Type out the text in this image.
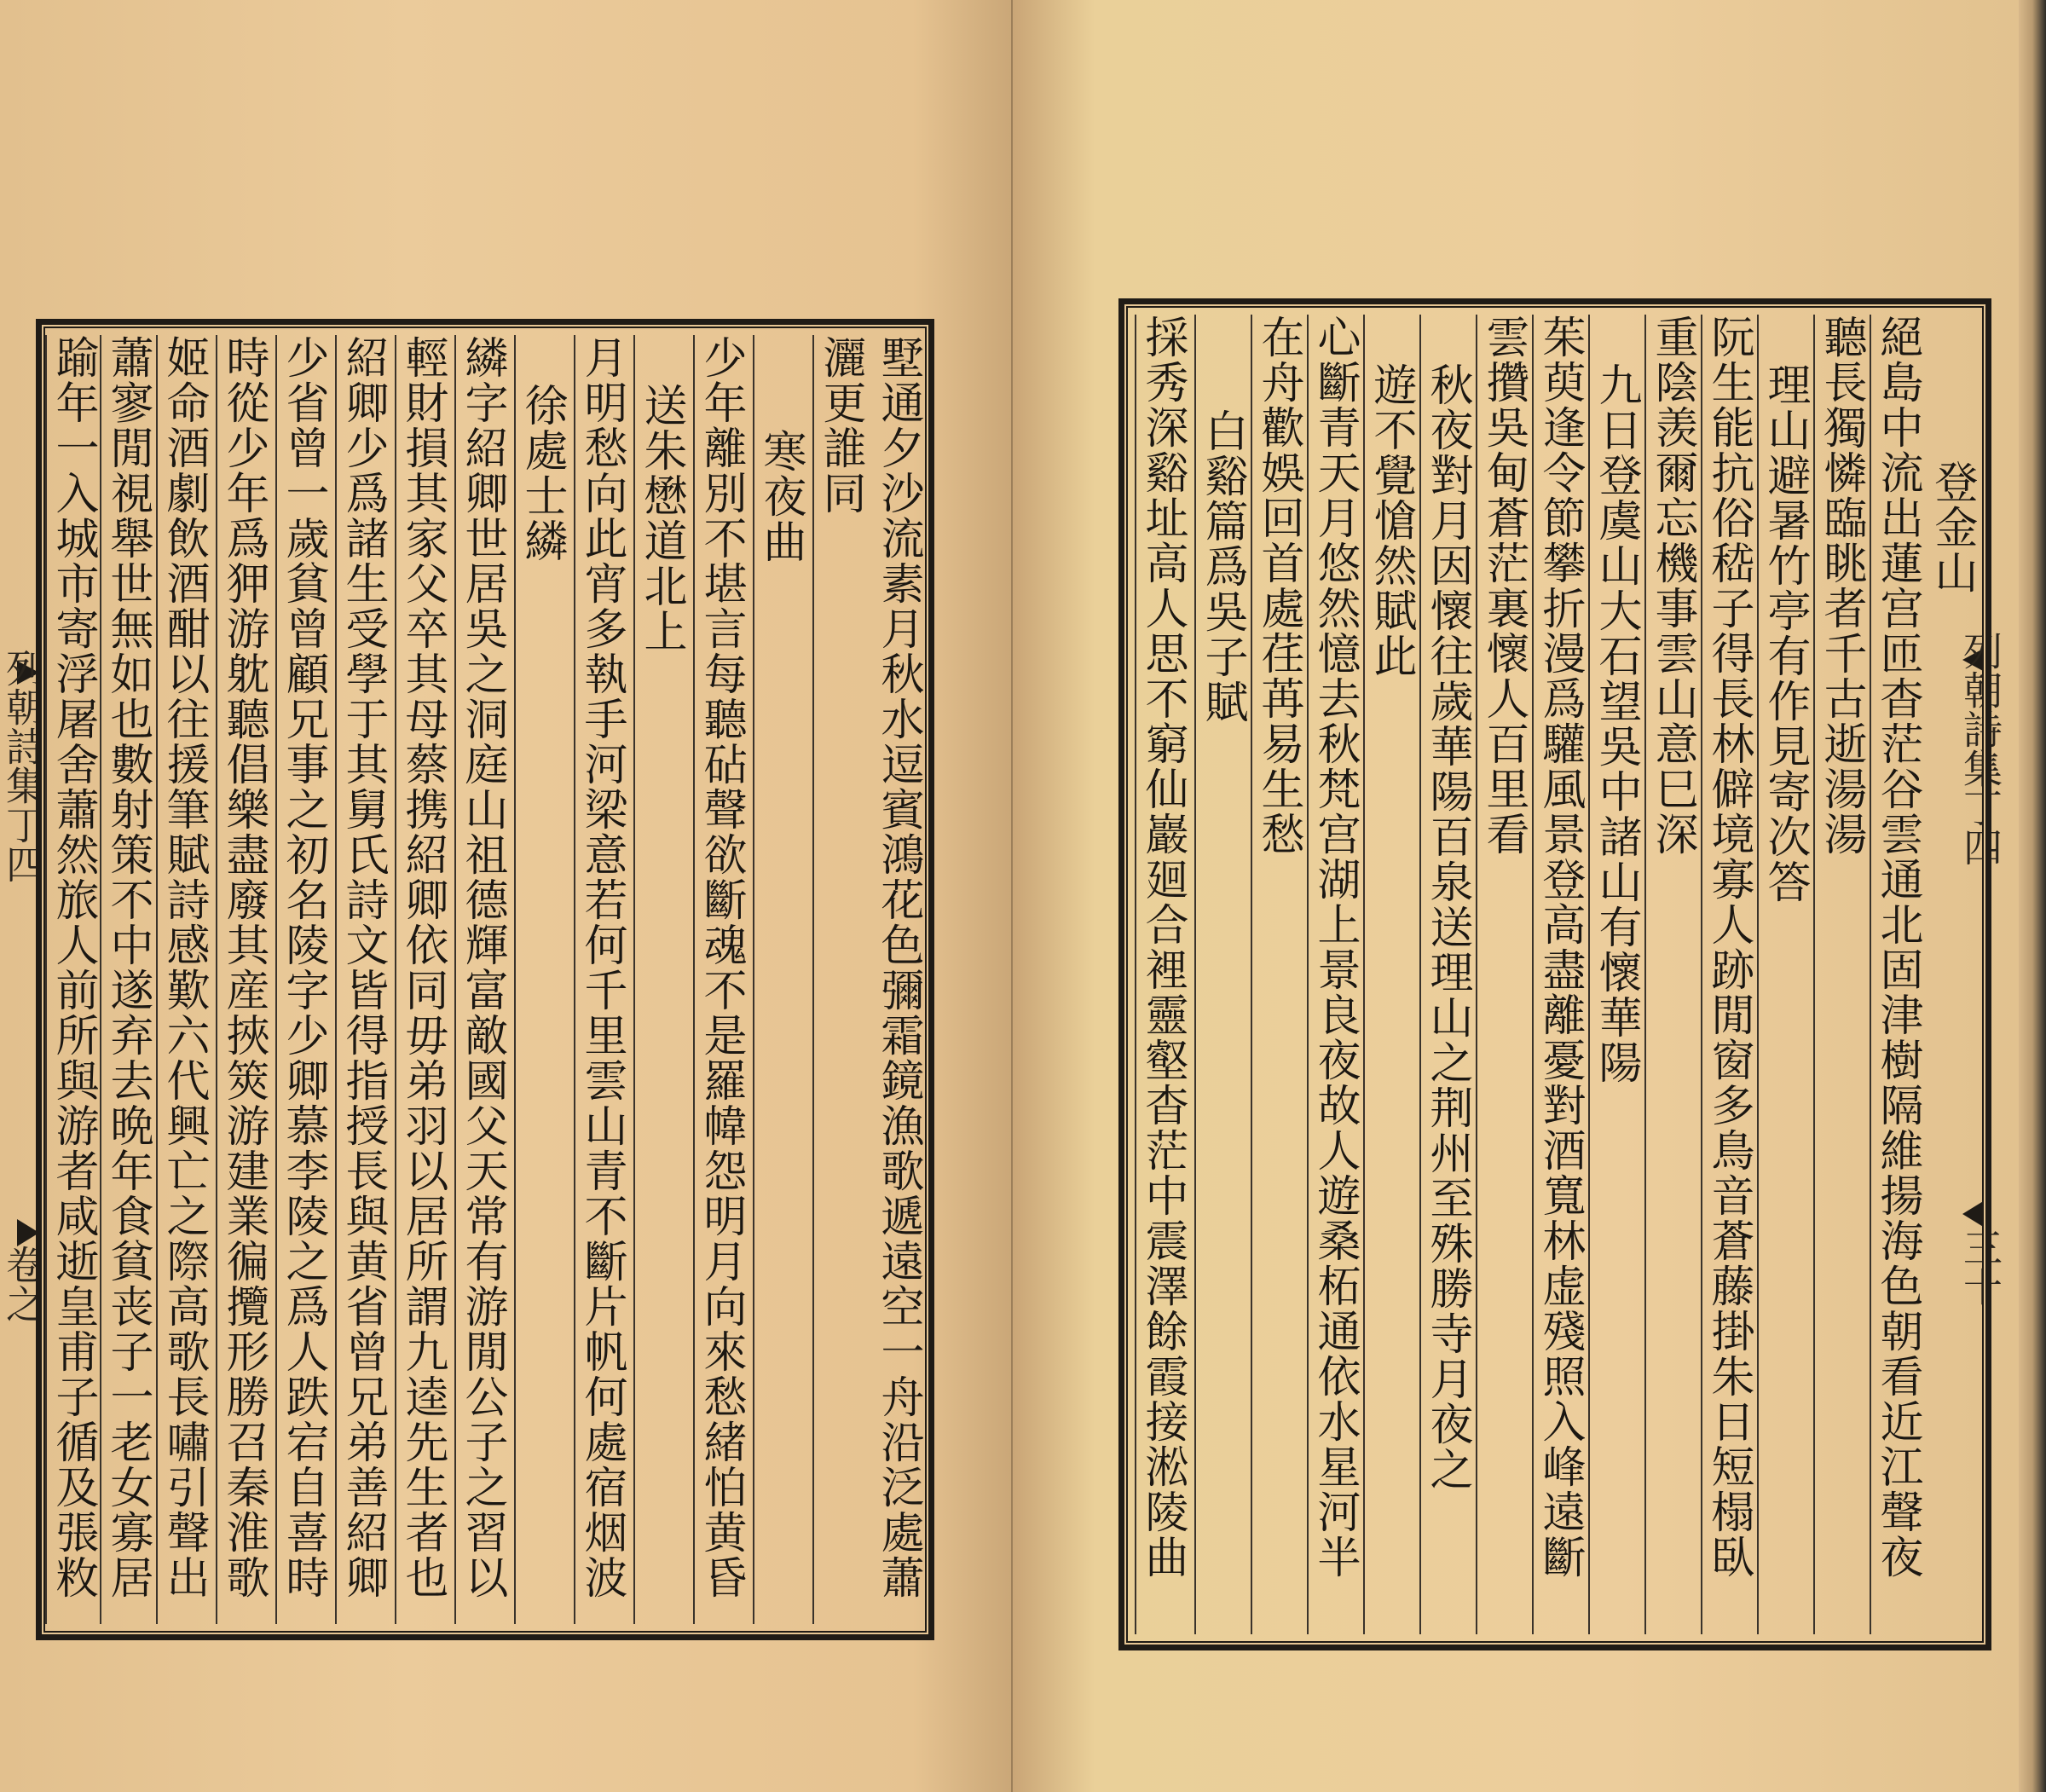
列朝詩集丁四
卷之
列朝詩集丁四
三十
墅通夕沙流素月秋水逗賓鴻花色彌霜鏡漁歌遞遠空一舟沿泛處蕭
灑更誰同
寒夜曲
少年離別不堪言每聽砧聲欲斷魂不是羅幃怨明月向來愁緒怕黄昏
送朱懋道北上
月明愁向此宵多執手河梁意若何千里雲山青不斷片帆何處宿烟波
徐處士繗
繗字紹卿世居吳之洞庭山祖德輝富敵國父天常有游閒公子之習以
輕財損其家父卒其母蔡携紹卿依同毋弟羽以居所謂九逵先生者也
紹卿少爲諸生受學于其舅氏詩文皆得指授長與黄省曾兄弟善紹卿
少省曾一歲貧曾顧兄事之初名陵字少卿慕李陵之爲人跌宕自喜時
時從少年爲狎游躭聽倡樂盡廢其産挾筴游建業徧攬形勝召秦淮歌
姬命酒劇飲酒酣以往援筆賦詩感歎六代興亡之際高歌長嘯引聲出
蕭寥閒視舉世無如也數射策不中遂弃去晩年食貧丧子一老女寡居
踰年一入城市寄浮屠舍蕭然旅人前所與游者咸逝皇甫子循及張敉	登金山
絕島中流出蓮宫匝杳茫谷雲通北固津樹隔維揚海色朝看近江聲夜
聽長獨憐臨眺者千古逝湯湯
理山避暑竹亭有作見寄次答
阮生能抗俗嵇子得長林僻境寡人跡閒窗多鳥音蒼藤掛朱日短榻臥
重陰羡爾忘機事雲山意巳深
九日登虞山大石望吳中諸山有懷華陽
茱萸逢令節攀折漫爲驩風景登高盡離憂對酒寬林虚殘照入峰遠斷
雲攢吳甸蒼茫裏懷人百里看
秋夜對月因懷往歲華陽百泉送理山之荆州至殊勝寺月夜之
遊不覺愴然賦此
心斷青天月悠然憶去秋梵宫湖上景良夜故人遊桑柘通依水星河半
在舟歡娛回首處荏苒易生愁
白谿篇爲吳子賦
採秀深谿址高人思不窮仙巖廻合裡靈壑杳茫中震澤餘霞接淞陵曲
